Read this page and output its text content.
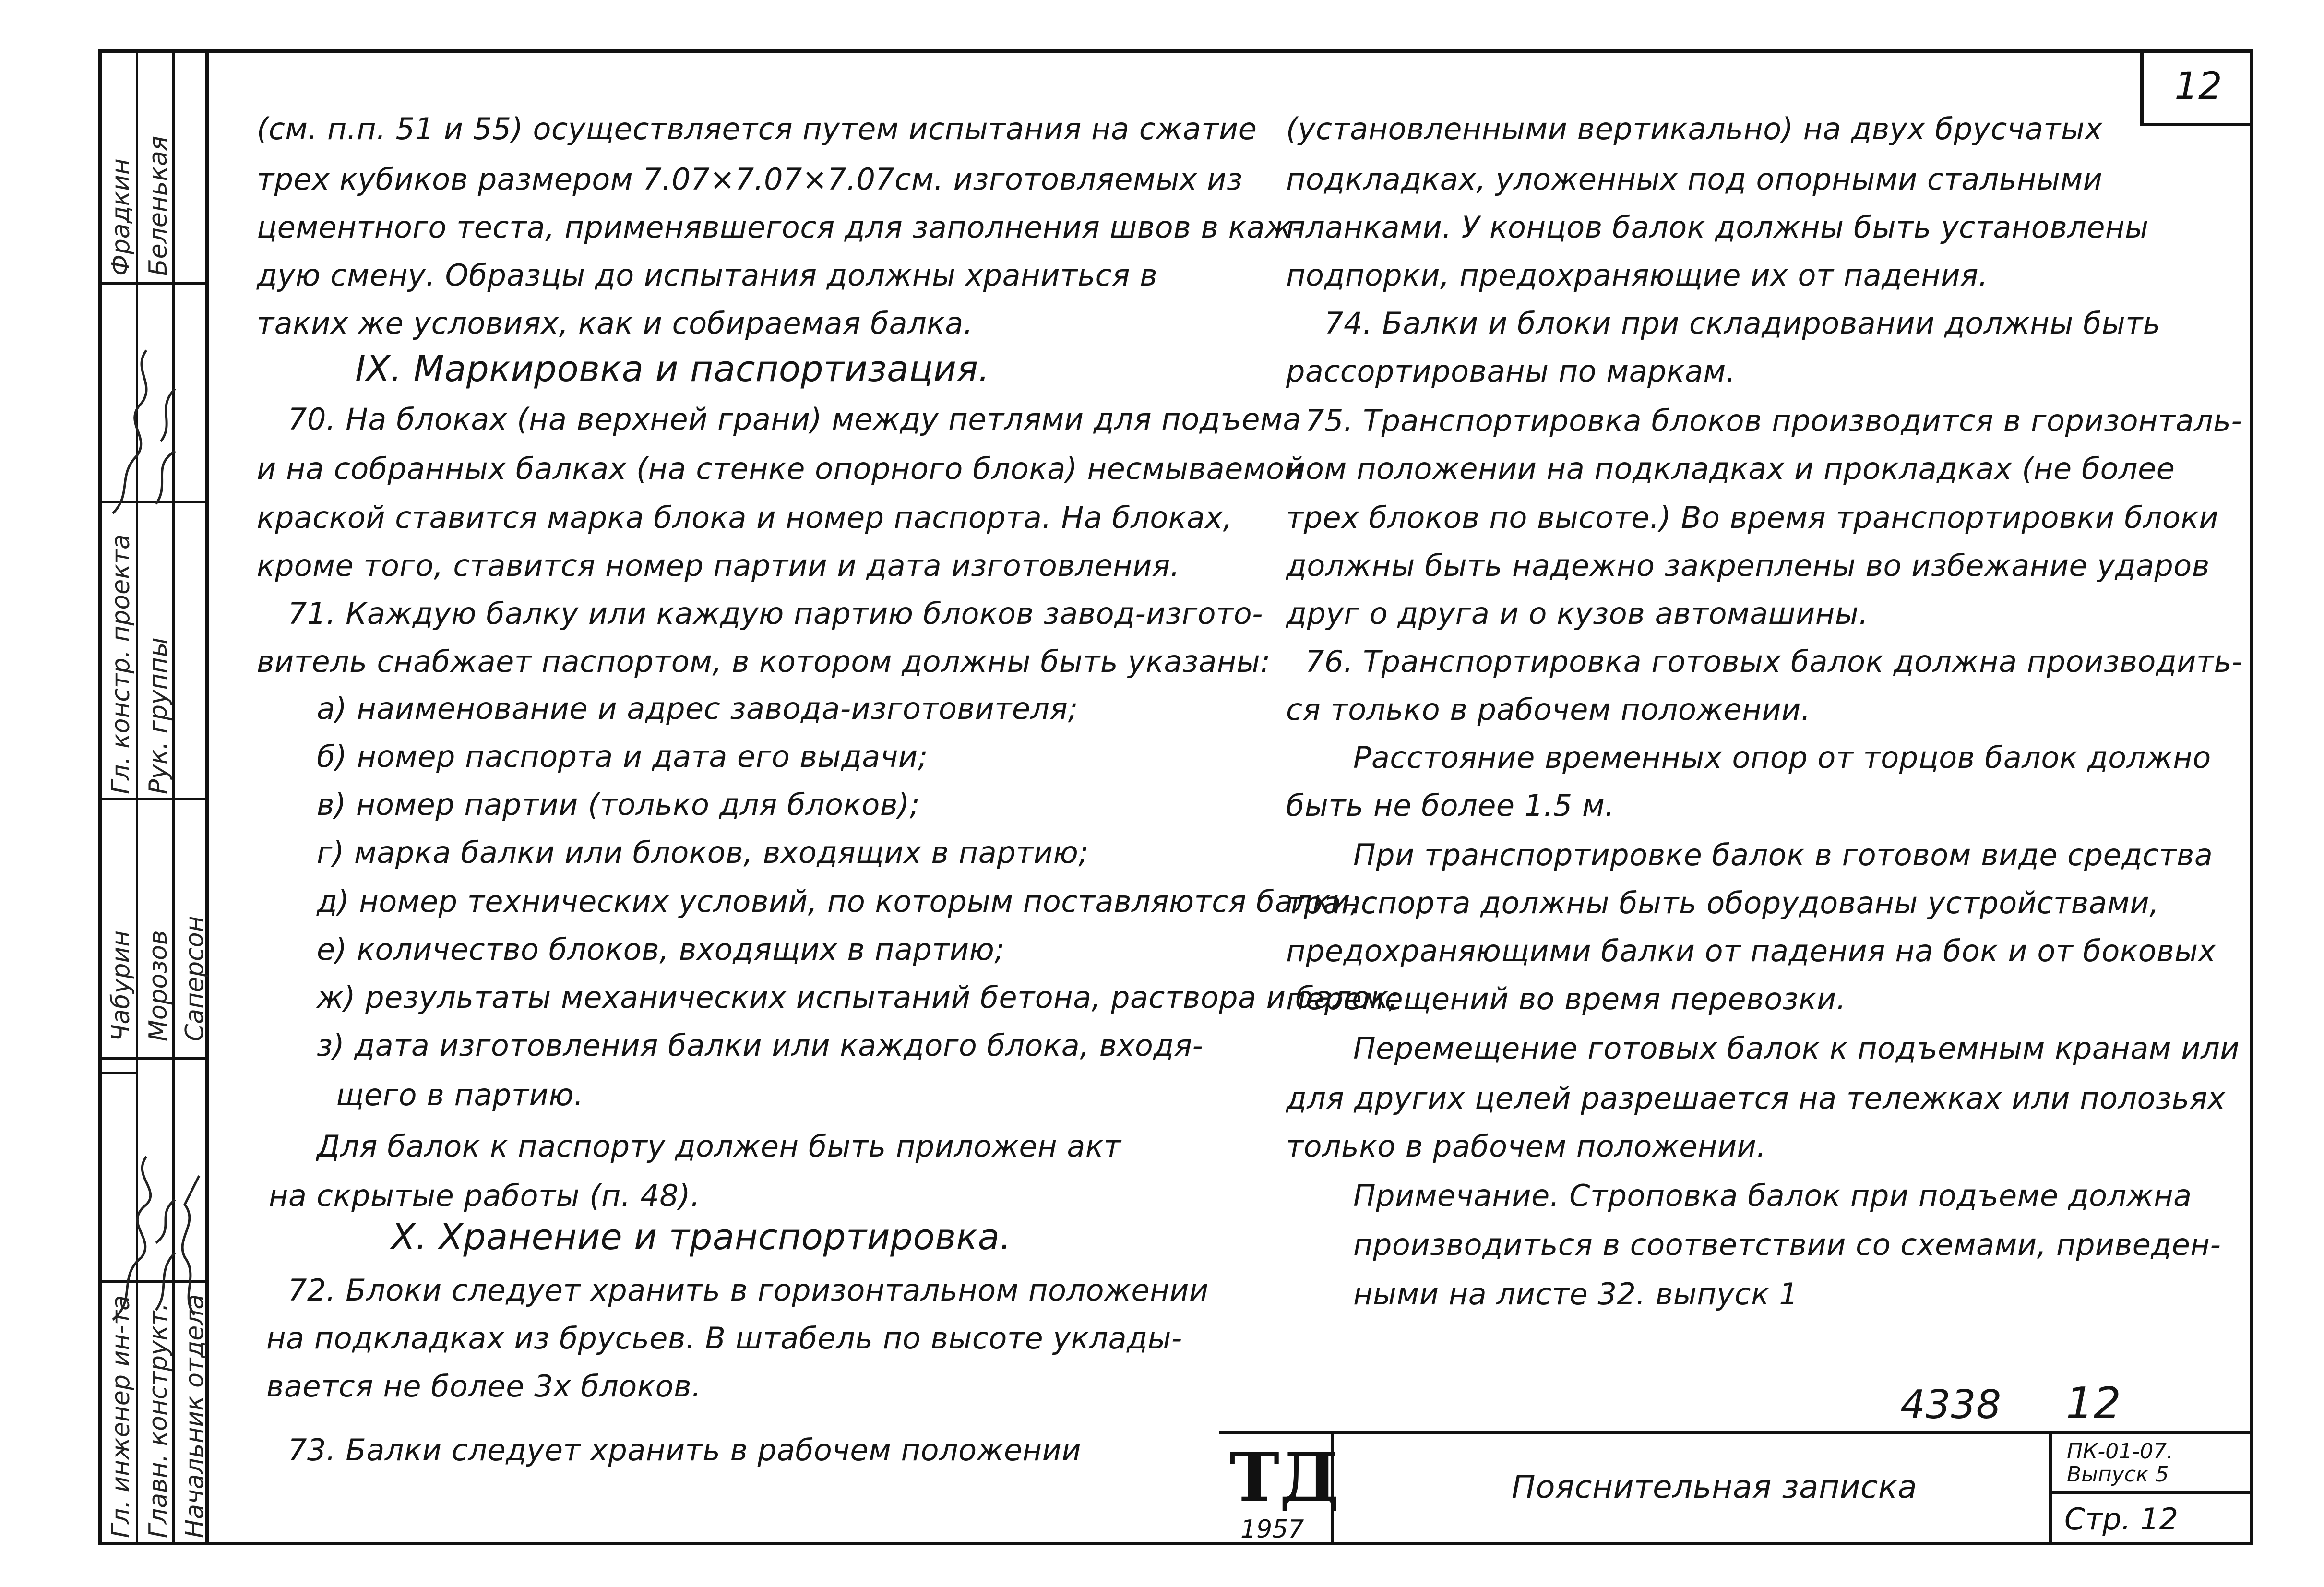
12
Гл. инженер ин-та Главн. конструкт. Начальник отдела
Гл. констр. проекта Рук. группы
Фрадкин Беленькая
Чабурин Морозов Саперсон
(см. п.п. 51 и 55) осуществляется путем испытания на сжатие
трех кубиков размером 7.07×7.07×7.07см. изготовляемых из
цементного теста, применявшегося для заполнения швов в каж-
дую смену. Образцы до испытания должны храниться в
таких же условиях, как и собираемая балка.
IX. Маркировка и паспортизация.
70. На блоках (на верхней грани) между петлями для подъема
и на собранных балках (на стенке опорного блока) несмываемой
краской ставится марка блока и номер паспорта. На блоках,
кроме того, ставится номер партии и дата изготовления.
71. Каждую балку или каждую партию блоков завод-изгото-
витель снабжает паспортом, в котором должны быть указаны:
а) наименование и адрес завода-изготовителя;
б) номер паспорта и дата его выдачи;
в) номер партии (только для блоков);
г) марка балки или блоков, входящих в партию;
д) номер технических условий, по которым поставляются балки;
е) количество блоков, входящих в партию;
ж) результаты механических испытаний бетона, раствора и балок;
з) дата изготовления балки или каждого блока, входя-
щего в партию.
Для балок к паспорту должен быть приложен акт
на скрытые работы (п. 48).
X. Хранение и транспортировка.
72. Блоки следует хранить в горизонтальном положении
на подкладках из брусьев. В штабель по высоте уклады-
вается не более 3х блоков.
73. Балки следует хранить в рабочем положении
(установленными вертикально) на двух брусчатых
подкладках, уложенных под опорными стальными
планками. У концов балок должны быть установлены
подпорки, предохраняющие их от падения.
74. Балки и блоки при складировании должны быть
рассортированы по маркам.
75. Транспортировка блоков производится в горизонталь-
ном положении на подкладках и прокладках (не более
трех блоков по высоте.) Во время транспортировки блоки
должны быть надежно закреплены во избежание ударов
друг о друга и о кузов автомашины.
76. Транспортировка готовых балок должна производить-
ся только в рабочем положении.
Расстояние временных опор от торцов балок должно
быть не более 1.5 м.
При транспортировке балок в готовом виде средства
транспорта должны быть оборудованы устройствами,
предохраняющими балки от падения на бок и от боковых
перемещений во время перевозки.
Перемещение готовых балок к подъемным кранам или
для других целей разрешается на тележках или полозьях
только в рабочем положении.
Примечание. Строповка балок при подъеме должна
производиться в соответствии со схемами, приведен-
ными на листе 32. выпуск 1
4338 12
ТД
1957
Пояснительная записка
ПК-01-07.
Выпуск 5
Стр. 12
